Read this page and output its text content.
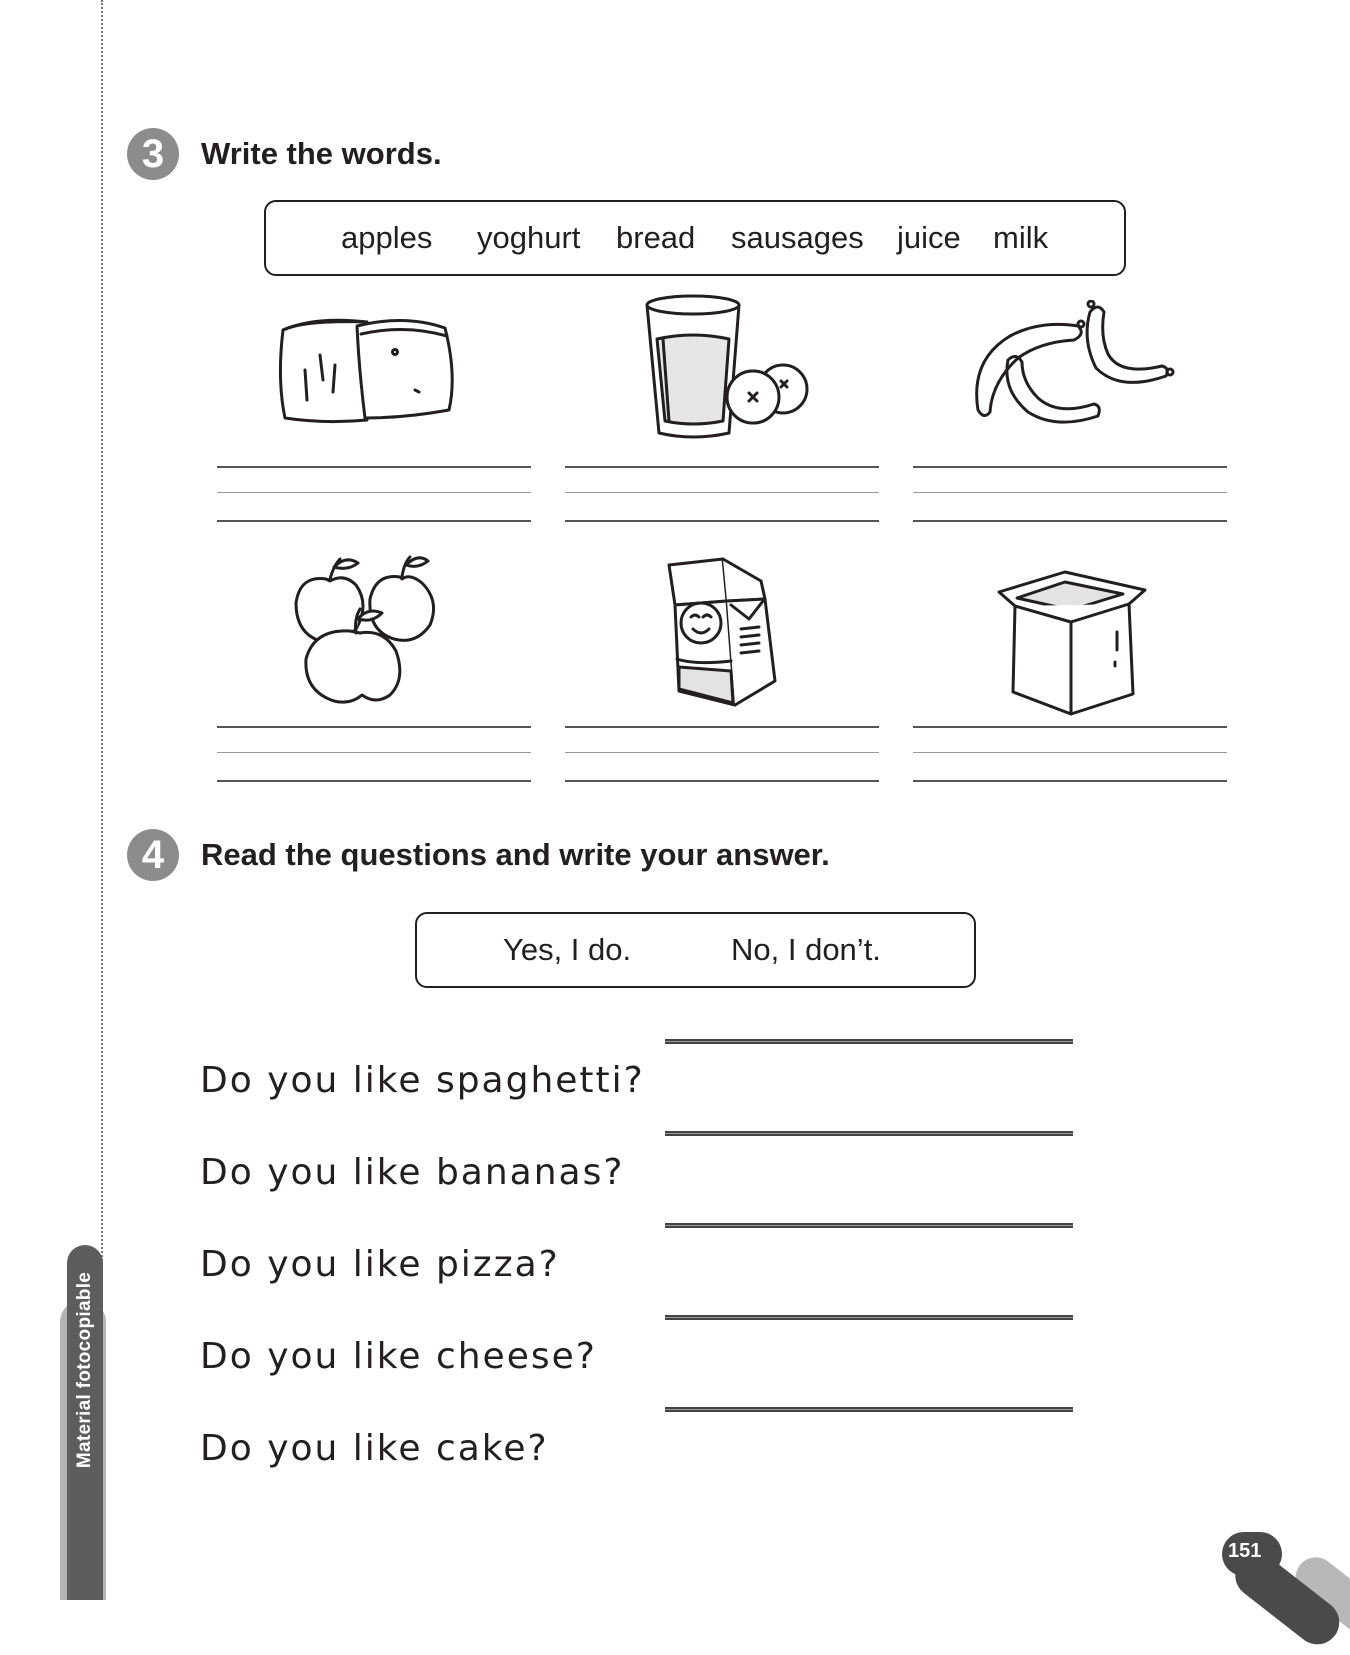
Material fotocopiable
3	Write the words.
apples yoghurt bread sausages juice milk
4	Read the questions and write your answer.
Yes, I do.	No, I don’t.
Do you like spaghetti?
Do you like bananas?
Do you like pizza?
Do you like cheese?
Do you like cake?
151
